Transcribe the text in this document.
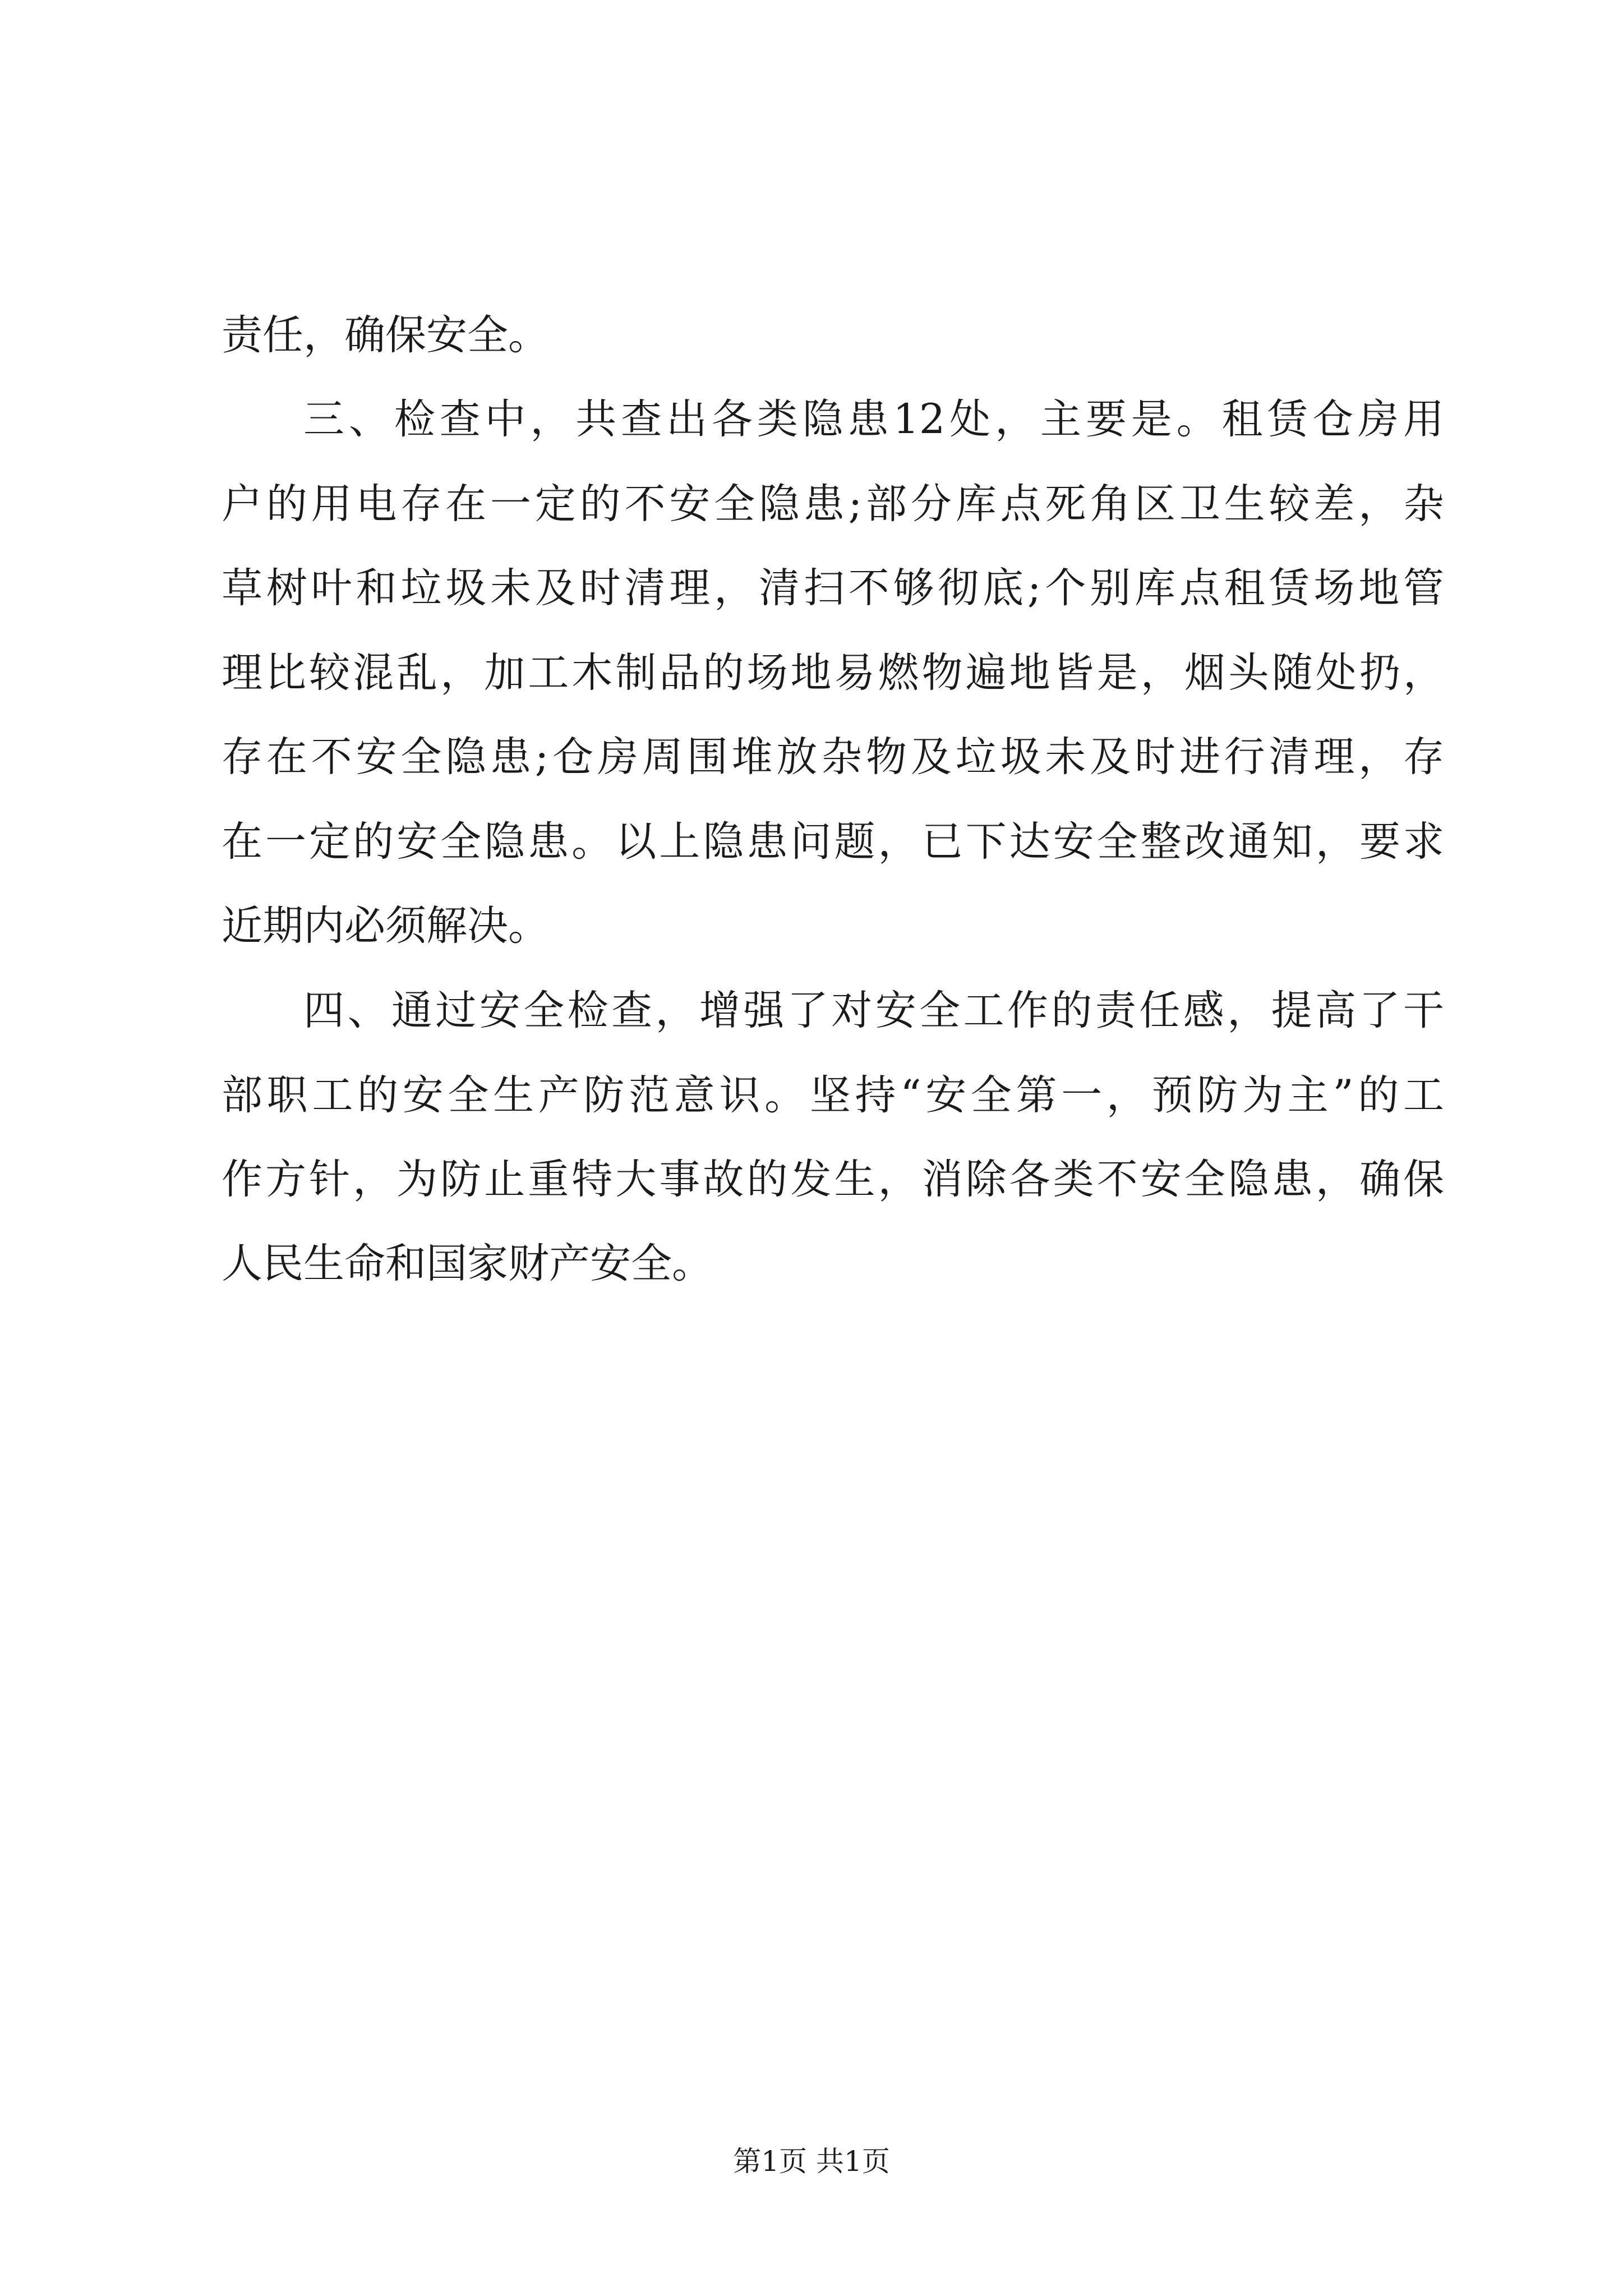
责任，确保安全。
三、检查中，共查出各类隐患12处，主要是。租赁仓房用
户的用电存在一定的不安全隐患;部分库点死角区卫生较差，杂
草树叶和垃圾未及时清理，清扫不够彻底;个别库点租赁场地管
理比较混乱，加工木制品的场地易燃物遍地皆是，烟头随处扔，
存在不安全隐患;仓房周围堆放杂物及垃圾未及时进行清理，存
在一定的安全隐患。以上隐患问题，已下达安全整改通知，要求
近期内必须解决。
四、通过安全检查，增强了对安全工作的责任感，提高了干
部职工的安全生产防范意识。坚持“安全第一，预防为主”的工
作方针，为防止重特大事故的发生，消除各类不安全隐患，确保
人民生命和国家财产安全。
第1页 共1页
